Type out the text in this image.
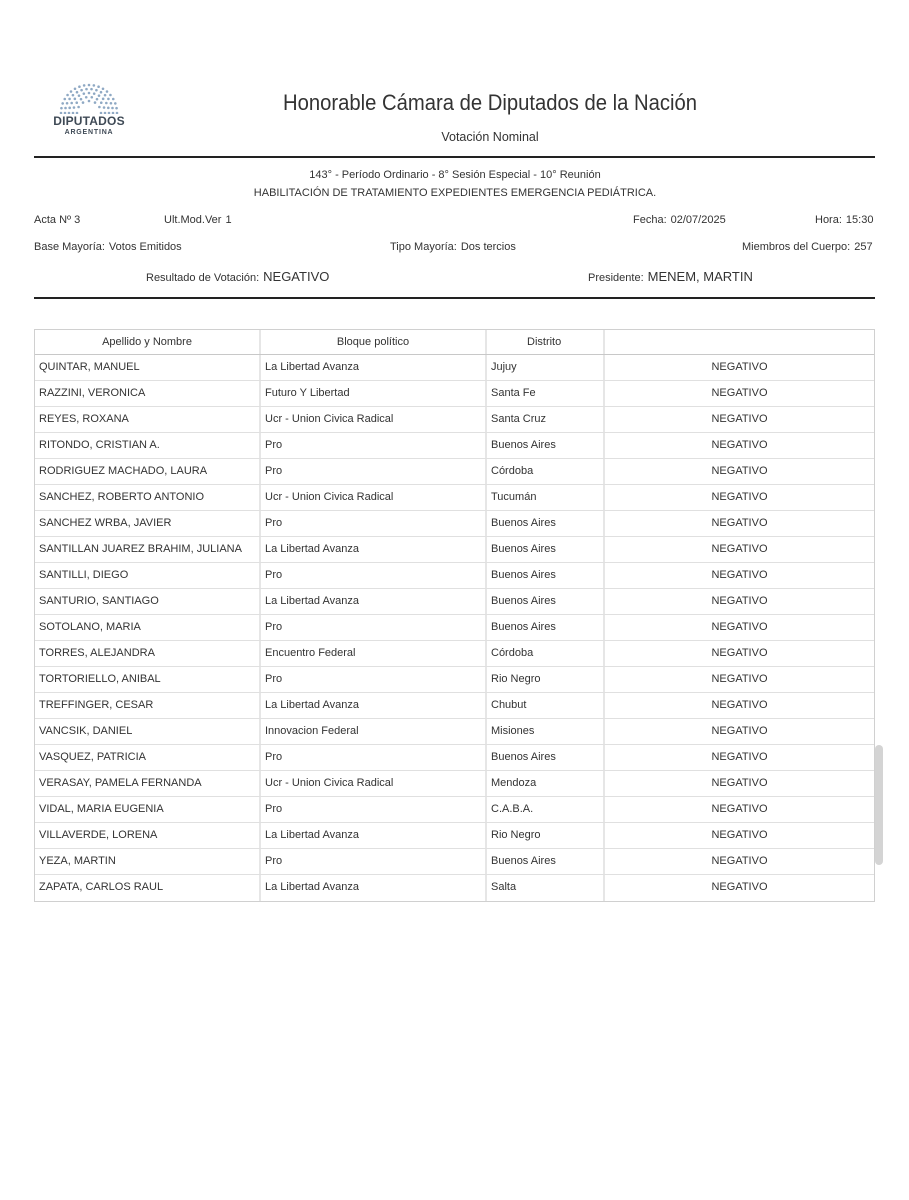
DIPUTADOS
ARGENTINA
Honorable Cámara de Diputados de la Nación
Votación Nominal
143° - Período Ordinario - 8° Sesión Especial - 10° Reunión
HABILITACIÓN DE TRATAMIENTO EXPEDIENTES EMERGENCIA PEDIÁTRICA.
Acta Nº 3	Ult.Mod.Ver 1	Fecha: 02/07/2025	Hora: 15:30
Base Mayoría: Votos Emitidos	Tipo Mayoría: Dos tercios	Miembros del Cuerpo: 257
Resultado de Votación: NEGATIVO	Presidente: MENEM, MARTIN
Apellido y Nombre	Bloque político	Distrito
QUINTAR, MANUEL	La Libertad Avanza	Jujuy	NEGATIVO
RAZZINI, VERONICA	Futuro Y Libertad	Santa Fe	NEGATIVO
REYES, ROXANA	Ucr - Union Civica Radical	Santa Cruz	NEGATIVO
RITONDO, CRISTIAN A.	Pro	Buenos Aires	NEGATIVO
RODRIGUEZ MACHADO, LAURA	Pro	Córdoba	NEGATIVO
SANCHEZ, ROBERTO ANTONIO	Ucr - Union Civica Radical	Tucumán	NEGATIVO
SANCHEZ WRBA, JAVIER	Pro	Buenos Aires	NEGATIVO
SANTILLAN JUAREZ BRAHIM, JULIANA	La Libertad Avanza	Buenos Aires	NEGATIVO
SANTILLI, DIEGO	Pro	Buenos Aires	NEGATIVO
SANTURIO, SANTIAGO	La Libertad Avanza	Buenos Aires	NEGATIVO
SOTOLANO, MARIA	Pro	Buenos Aires	NEGATIVO
TORRES, ALEJANDRA	Encuentro Federal	Córdoba	NEGATIVO
TORTORIELLO, ANIBAL	Pro	Rio Negro	NEGATIVO
TREFFINGER, CESAR	La Libertad Avanza	Chubut	NEGATIVO
VANCSIK, DANIEL	Innovacion Federal	Misiones	NEGATIVO
VASQUEZ, PATRICIA	Pro	Buenos Aires	NEGATIVO
VERASAY, PAMELA FERNANDA	Ucr - Union Civica Radical	Mendoza	NEGATIVO
VIDAL, MARIA EUGENIA	Pro	C.A.B.A.	NEGATIVO
VILLAVERDE, LORENA	La Libertad Avanza	Rio Negro	NEGATIVO
YEZA, MARTIN	Pro	Buenos Aires	NEGATIVO
ZAPATA, CARLOS RAUL	La Libertad Avanza	Salta	NEGATIVO
